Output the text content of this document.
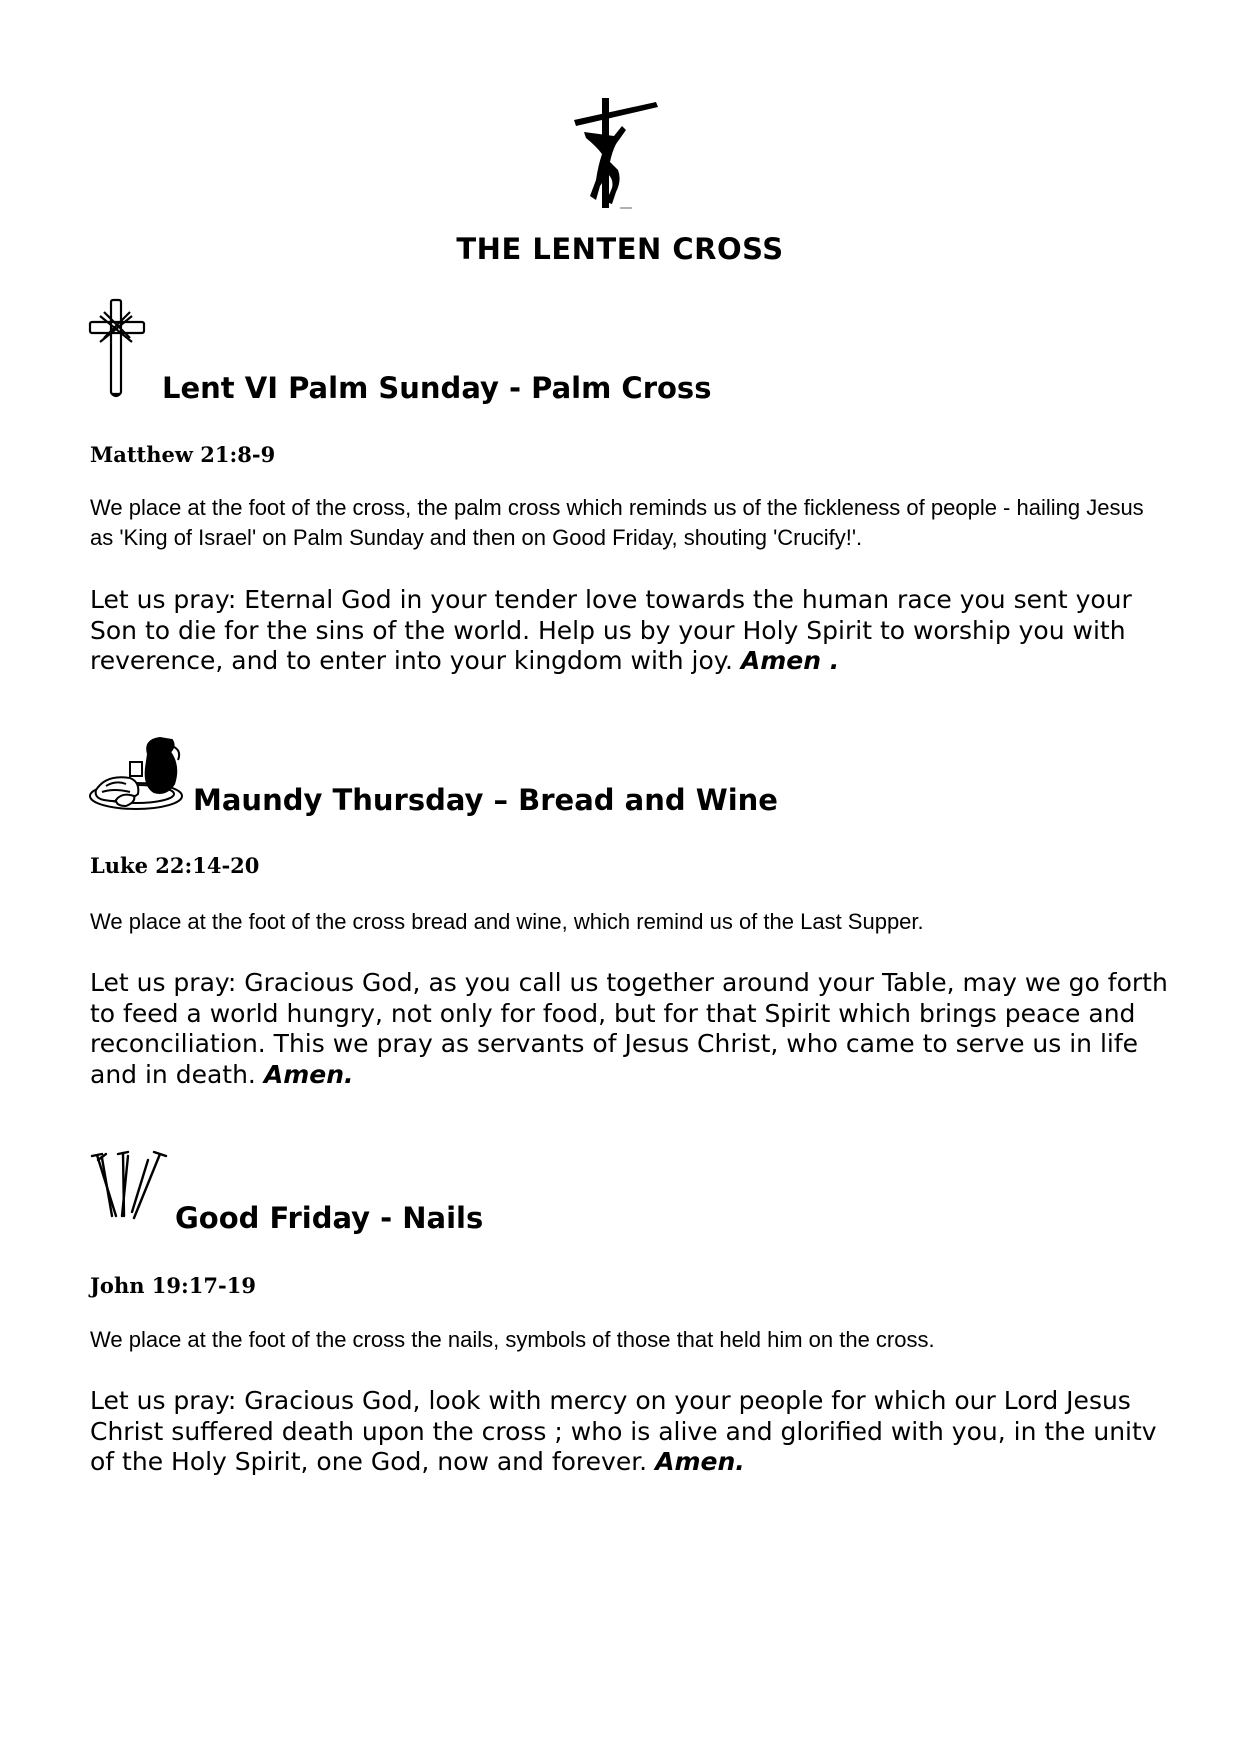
THE LENTEN CROSS
Lent VI Palm Sunday - Palm Cross
Matthew 21:8-9

We place at the foot of the cross, the palm cross which reminds us of the fickleness of people - hailing Jesus as 'King of Israel' on Palm Sunday and then on Good Friday, shouting 'Crucify!'.

Let us pray: Eternal God in your tender love towards the human race you sent your Son to die for the sins of the world. Help us by your Holy Spirit to worship you with reverence, and to enter into your kingdom with joy. Amen .

Maundy Thursday – Bread and Wine
Luke 22:14-20

We place at the foot of the cross bread and wine, which remind us of the Last Supper.

Let us pray: Gracious God, as you call us together around your Table, may we go forth to feed a world hungry, not only for food, but for that Spirit which brings peace and reconciliation. This we pray as servants of Jesus Christ, who came to serve us in life and in death. Amen.

Good Friday - Nails
John 19:17-19

We place at the foot of the cross the nails, symbols of those that held him on the cross.

Let us pray: Gracious God, look with mercy on your people for which our Lord Jesus Christ suffered death upon the cross ; who is alive and glorified with you, in the unitv of the Holy Spirit, one God, now and forever. Amen.
